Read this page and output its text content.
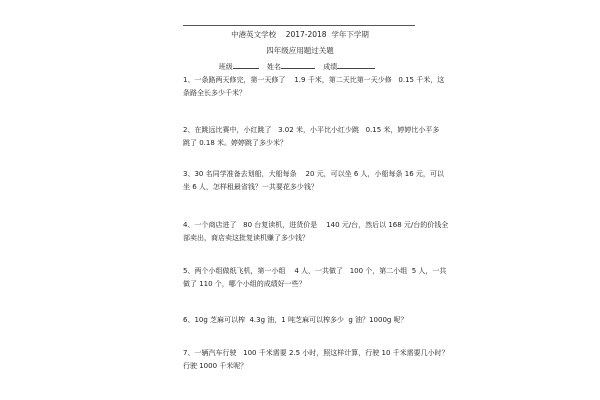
中港英文学校    2017-2018  学年下学期
四年级应用题过关题
班级	姓名	成绩
1、一条路两天修完，第一天修了    1.9 千米，第二天比第一天少修   0.15 千米，这
条路全长多少千米？
2、在跳远比赛中，小红跳了   3.02 米，小平比小红少跳   0.15 米，婷婷比小平多
跳了 0.18 米。婷婷跳了多少米？
3、30 名同学准备去划船，大船每条    20 元，可以坐 6 人，小船每条 16 元，可以
坐 6 人，怎样租最省钱？一共要花多少钱？
4、一个商店进了   80 台复读机，进货价是    140 元/台，然后以 168 元/台的价钱全
部卖出，商店卖这批复读机赚了多少钱？
5、两个小组做纸飞机，第一小组    4 人，一共做了   100 个，第二小组  5 人，一共
做了 110 个，哪个小组的成绩好一些？
6、10g 芝麻可以榨  4.3g 油，1 吨芝麻可以榨多少  g 油？1000g 呢？
7、一辆汽车行驶   100 千米需要 2.5 小时，照这样计算，行驶 10 千米需要几小时？
行驶 1000 千米呢？
